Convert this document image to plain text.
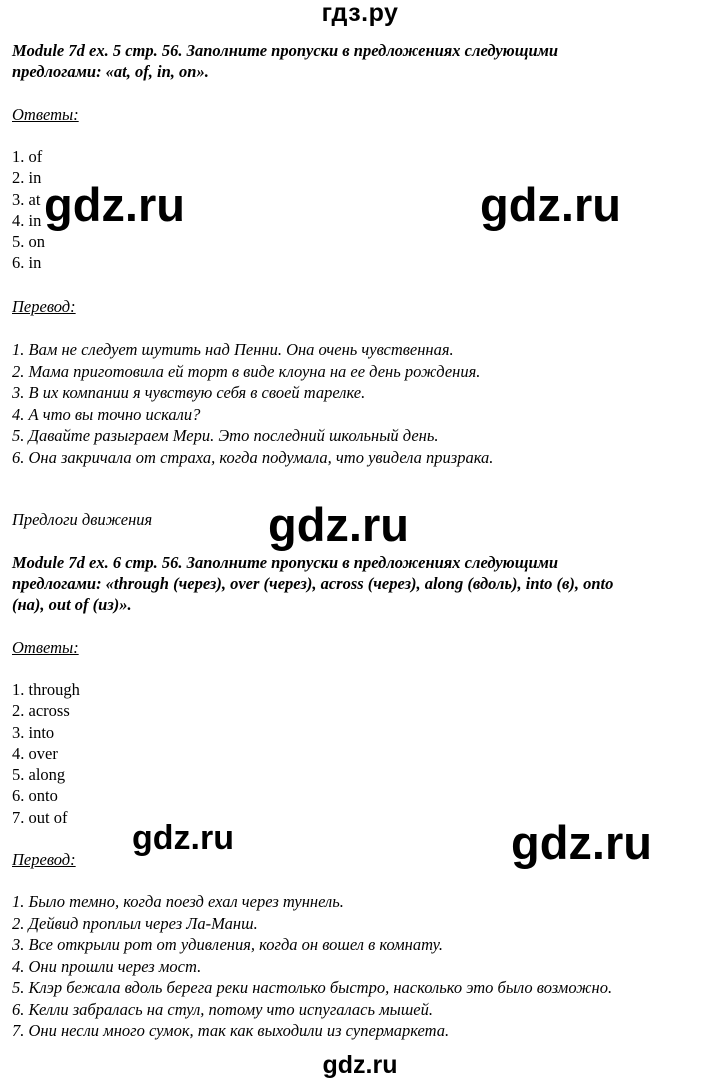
гдз.ру
Module 7d ex. 5 стр. 56. Заполните пропуски в предложениях следующими
предлогами: «at, of, in, on».
Ответы:
1. of
2. in
3. at
4. in
5. on
6. in
Перевод:
1. Вам не следует шутить над Пенни. Она очень чувственная.
2. Мама приготовила ей торт в виде клоуна на ее день рождения.
3. В их компании я чувствую себя в своей тарелке.
4. А что вы точно искали?
5. Давайте разыграем Мери. Это последний школьный день.
6. Она закричала от страха, когда подумала, что увидела призрака.
Предлоги движения
Module 7d ex. 6 стр. 56. Заполните пропуски в предложениях следующими
предлогами: «through (через), over (через), across (через), along (вдоль), into (в), onto
(на), out of (из)».
Ответы:
1. through
2. across
3. into
4. over
5. along
6. onto
7. out of
Перевод:
1. Было темно, когда поезд ехал через туннель.
2. Дейвид проплыл через Ла-Манш.
3. Все открыли рот от удивления, когда он вошел в комнату.
4. Они прошли через мост.
5. Клэр бежала вдоль берега реки настолько быстро, насколько это было возможно.
6. Келли забралась на стул, потому что испугалась мышей.
7. Они несли много сумок, так как выходили из супермаркета.
gdz.ru	gdz.ru
gdz.ru
gdz.ru	gdz.ru
gdz.ru
